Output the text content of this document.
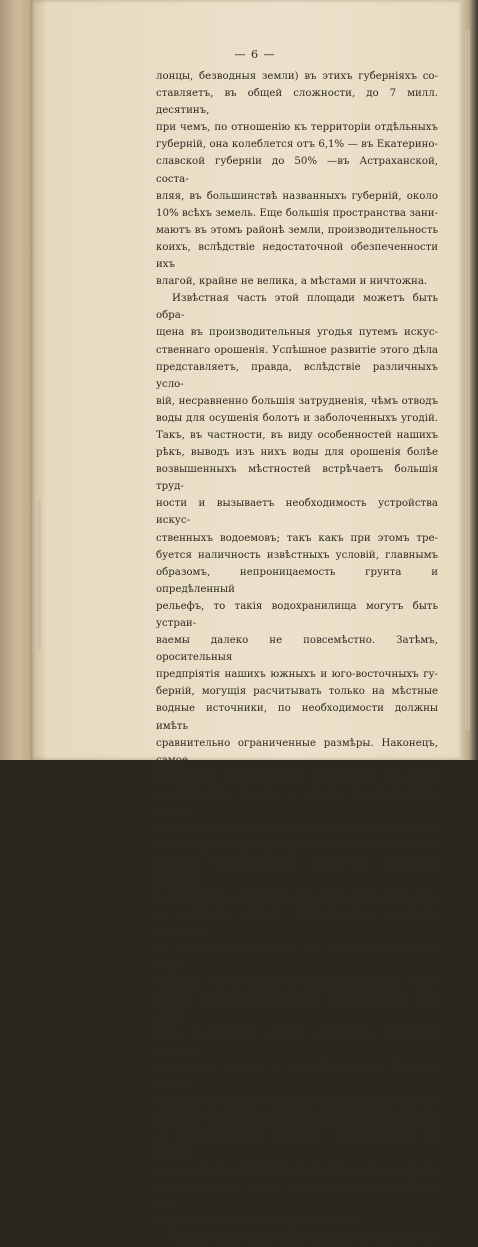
— 6 —

лонцы, безводныя земли) въ этихъ губернiяхъ со-

ставляетъ, въ общей сложности, до 7 милл. десятинъ,

при чемъ, по отношенiю къ территорiи отдѣльныхъ

губернiй, она колеблется отъ 6,1% — въ Екатерино-

славской губернiи до 50% —въ Астраханской, соста-

вляя, въ большинствѣ названныхъ губернiй, около

10% всѣхъ земель. Еще большiя пространства зани-

маютъ въ этомъ районѣ земли, производительность

коихъ, вслѣдствiе недостаточной обезпеченности ихъ

влагой, крайне не велика, а мѣстами и ничтожна.

Извѣстная часть этой площади можетъ быть обра-

щена въ производительныя угодья путемъ искус-

ственнаго орошенiя. Успѣшное развитiе этого дѣла

представляетъ, правда, вслѣдствiе различныхъ усло-

вiй, несравненно большiя затрудненiя, чѣмъ отводъ

воды для осушенiя болотъ и заболоченныхъ угодiй.

Такъ, въ частности, въ виду особенностей нашихъ

рѣкъ, выводъ изъ нихъ воды для орошенiя болѣе

возвышенныхъ мѣстностей встрѣчаетъ большiя труд-

ности и вызываетъ необходимость устройства искус-

ственныхъ водоемовъ; такъ какъ при этомъ тре-

буется наличность извѣстныхъ условiй, главнымъ

образомъ, непроницаемость грунта и опредѣленный

рельефъ, то такiя водохранилища могутъ быть устраи-

ваемы далеко не повсемѣстно. Затѣмъ, оросительныя

предпрiятiя нашихъ южныхъ и юго-восточныхъ гу-

бернiй, могущiя расчитывать только на мѣстные

водные источники, по необходимости должны имѣть

сравнительно ограниченные размѣры. Наконецъ, самое

устройство оросительныхъ сооруженiй обходится

сравнительно дорого, а веденiе ирригацiоннаго хозяй-

ства требуетъ большого опыта и умѣнiя, вслѣдствiе

чего широкому распространенiю такихъ хозяйствъ

должна предшествовать выработка опытныхъ данныхъ

и подготовка свѣдущихъ въ этомъ дѣлѣ лицъ. Но,

во всякомъ случаѣ, искусственное орошенiе является

во многихъ мѣстностяхъ на югѣ и юго-востокѣ Евро-

пейской Россiи наиболѣе дѣйствительнымъ сред-

ствомъ для цѣлесообразнаго использованiя того скуд-

наго количества влаги, которымъ надѣлены разсма-

триваемый районъ, и для обезпеченiя большей устой-

чивости мѣстному сельскому хозяйству. Въ нѣкото-

рыхъ же случаяхъ, какъ напримѣръ въ мѣстностяхъ

со солончаковыми почвами, занимающими на восточ-

номъ районѣ обширныя площади земли, орошенiе

представляется почти единственнымъ способомъ для

обращенiя ихъ въ культурныя угодья.

Значительно болѣе повсемѣстною потребностью
